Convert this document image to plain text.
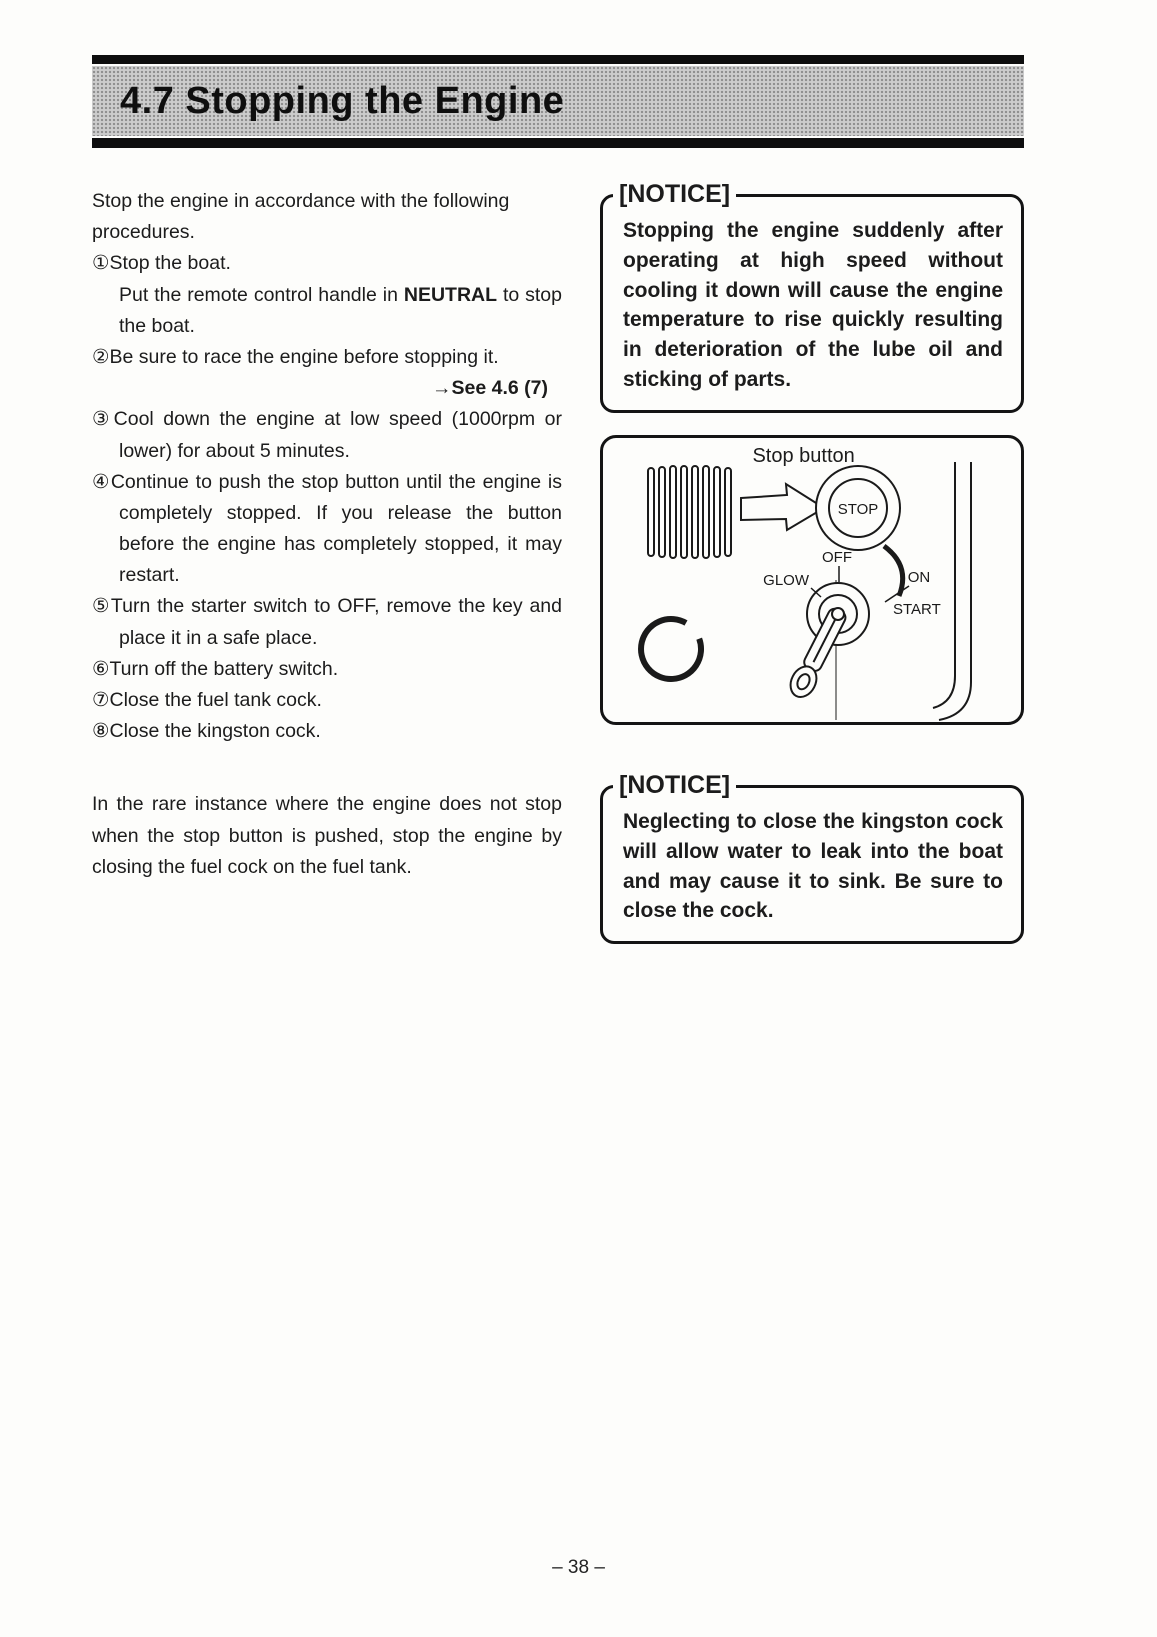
4.7 Stopping the Engine

Stop the engine in accordance with the following procedures.

①Stop the boat.

Put the remote control handle in NEUTRAL to stop the boat.

②Be sure to race the engine before stopping it.

→See 4.6 (7)

③Cool down the engine at low speed (1000rpm or lower) for about 5 minutes.

④Continue to push the stop button until the engine is completely stopped. If you release the button before the engine has completely stopped, it may restart.

⑤Turn the starter switch to OFF, remove the key and place it in a safe place.

⑥Turn off the battery switch.

⑦Close the fuel tank cock.

⑧Close the kingston cock.

In the rare instance where the engine does not stop when the stop button is pushed, stop the engine by closing the fuel cock on the fuel tank.

[NOTICE]

Stopping the engine suddenly after operating at high speed without cooling it down will cause the engine temperature to rise quickly resulting in deterioration of the lube oil and sticking of parts.

Stop button
STOP
GLOW
OFF
ON
START
[NOTICE]

Neglecting to close the kingston cock will allow water to leak into the boat and may cause it to sink. Be sure to close the cock.

– 38 –
